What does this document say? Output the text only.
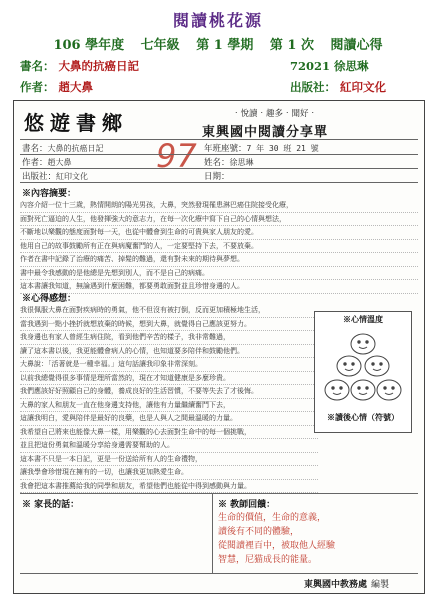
閱讀桃花源
106 學年度 七年級 第 1 學期 第 1 次 閱讀心得
書名： 大鼻的抗癌日記	72021 徐思琳
作者： 趙大鼻	出版社： 紅印文化
悠遊書鄉	‧悅讀‧趣多‧聞好‧
東興國中閱讀分享單
97
書名：大鼻的抗癌日記	年班座號：7 年 30 班 21 號
作者：趙大鼻	姓名：徐思琳
出版社：紅印文化	日期：
※內容摘要：
內容介紹一位十三歲，熱情開朗的陽光男孩，大鼻，突然發現罹患淋巴癌住院接受化療，
面對死亡逼迫的人生，他發揮強大的意志力，在每一次化療中寫下自己的心情與想法，
不斷地以樂觀的態度面對每一天，也從中體會到生命的可貴與家人朋友的愛。
他用自己的故事鼓勵所有正在與病魔奮鬥的人，一定要堅持下去，不要放棄。
作者在書中記錄了治療的痛苦、掉髮的難過，還有對未來的期待與夢想。
書中最令我感動的是他總是先想到別人，而不是自己的病痛。
這本書讓我知道，無論遇到什麼困難，都要勇敢面對並且珍惜身邊的人。
※心得感想：
我很佩服大鼻在面對疾病時的勇氣，他不但沒有被打倒，反而更加積極地生活，
當我遇到一點小挫折就想放棄的時候，想到大鼻，就覺得自己應該更努力。
我身邊也有家人曾經生病住院，看到他們辛苦的樣子，我非常難過，
讀了這本書以後，我更能體會病人的心情，也知道要多陪伴和鼓勵他們。
大鼻說：「活著就是一種幸福。」這句話讓我印象非常深刻。
以前我總覺得很多事情是理所當然的，現在才知道健康是多麼珍貴。
我們應該好好照顧自己的身體，養成良好的生活習慣，不要等失去了才後悔。
大鼻的家人和朋友一直在他身邊支持他，讓他有力量繼續奮鬥下去，
這讓我明白，愛與陪伴是最好的良藥，也是人與人之間最溫暖的力量。
我希望自己將來也能像大鼻一樣，用樂觀的心去面對生命中的每一個挑戰，
並且把這份勇氣和溫暖分享給身邊需要幫助的人。
這本書不只是一本日記，更是一份送給所有人的生命禮物，
讓我學會珍惜現在擁有的一切，也讓我更加熱愛生命。
我會把這本書推薦給我的同學和朋友，希望他們也能從中得到感動與力量。
※心情溫度
※讀後心情（符號）
※ 家長的話：	※ 教師回饋：
生命的價值，生命的意義，
讀後有不同的體驗，
從閱讀裡百中，被取他人經驗
智慧，尼猫成長的能量。
東興國中教務處 編製
